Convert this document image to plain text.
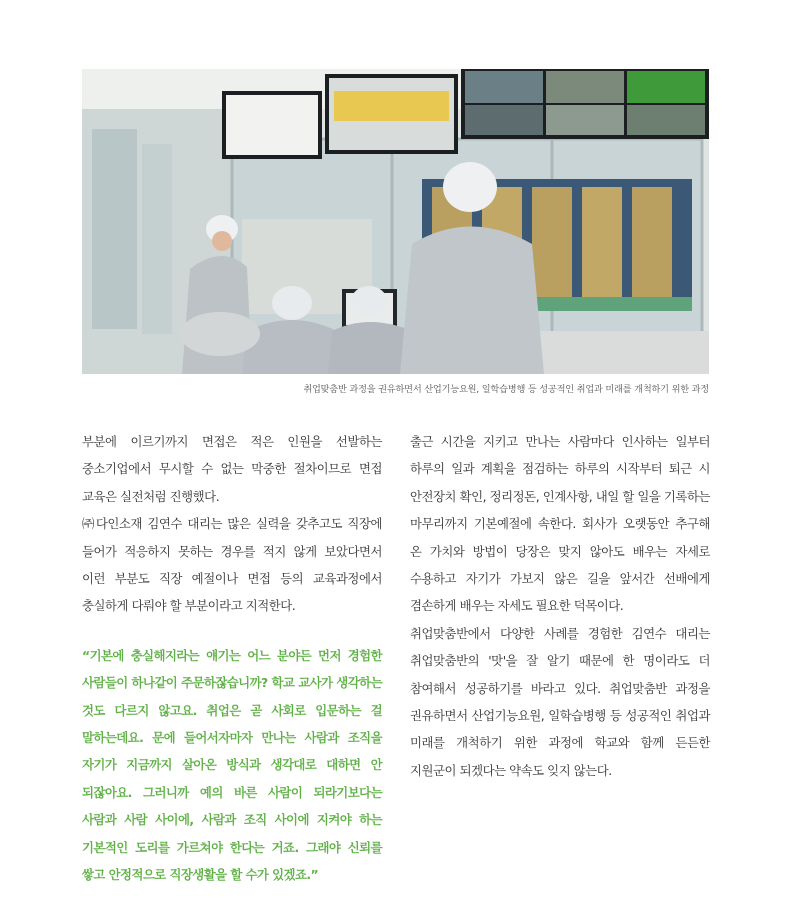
취업맞춤반 과정을 권유하면서 산업기능요원, 일학습병행 등 성공적인 취업과 미래를 개척하기 위한 과정

부분에 이르기까지 면접은 적은 인원을 선발하는 중소기업에서 무시할 수 없는 막중한 절차이므로 면접 교육은 실전처럼 진행했다.

㈜다인소재 김연수 대리는 많은 실력을 갖추고도 직장에 들어가 적응하지 못하는 경우를 적지 않게 보았다면서 이런 부분도 직장 예절이나 면접 등의 교육과정에서 충실하게 다뤄야 할 부분이라고 지적한다.

“기본에 충실해지라는 얘기는 어느 분야든 먼저 경험한 사람들이 하나같이 주문하잖습니까? 학교 교사가 생각하는 것도 다르지 않고요. 취업은 곧 사회로 입문하는 걸 말하는데요. 문에 들어서자마자 만나는 사람과 조직을 자기가 지금까지 살아온 방식과 생각대로 대하면 안 되잖아요. 그러니까 예의 바른 사람이 되라기보다는 사람과 사람 사이에, 사람과 조직 사이에 지켜야 하는 기본적인 도리를 가르쳐야 한다는 거죠. 그래야 신뢰를 쌓고 안정적으로 직장생활을 할 수가 있겠죠.”

출근 시간을 지키고 만나는 사람마다 인사하는 일부터 하루의 일과 계획을 점검하는 하루의 시작부터 퇴근 시 안전장치 확인, 정리정돈, 인계사항, 내일 할 일을 기록하는 마무리까지 기본예절에 속한다. 회사가 오랫동안 추구해 온 가치와 방법이 당장은 맞지 않아도 배우는 자세로 수용하고 자기가 가보지 않은 길을 앞서간 선배에게 겸손하게 배우는 자세도 필요한 덕목이다.

취업맞춤반에서 다양한 사례를 경험한 김연수 대리는 취업맞춤반의 '맛'을 잘 알기 때문에 한 명이라도 더 참여해서 성공하기를 바라고 있다. 취업맞춤반 과정을 권유하면서 산업기능요원, 일학습병행 등 성공적인 취업과 미래를 개척하기 위한 과정에 학교와 함께 든든한 지원군이 되겠다는 약속도 잊지 않는다.
